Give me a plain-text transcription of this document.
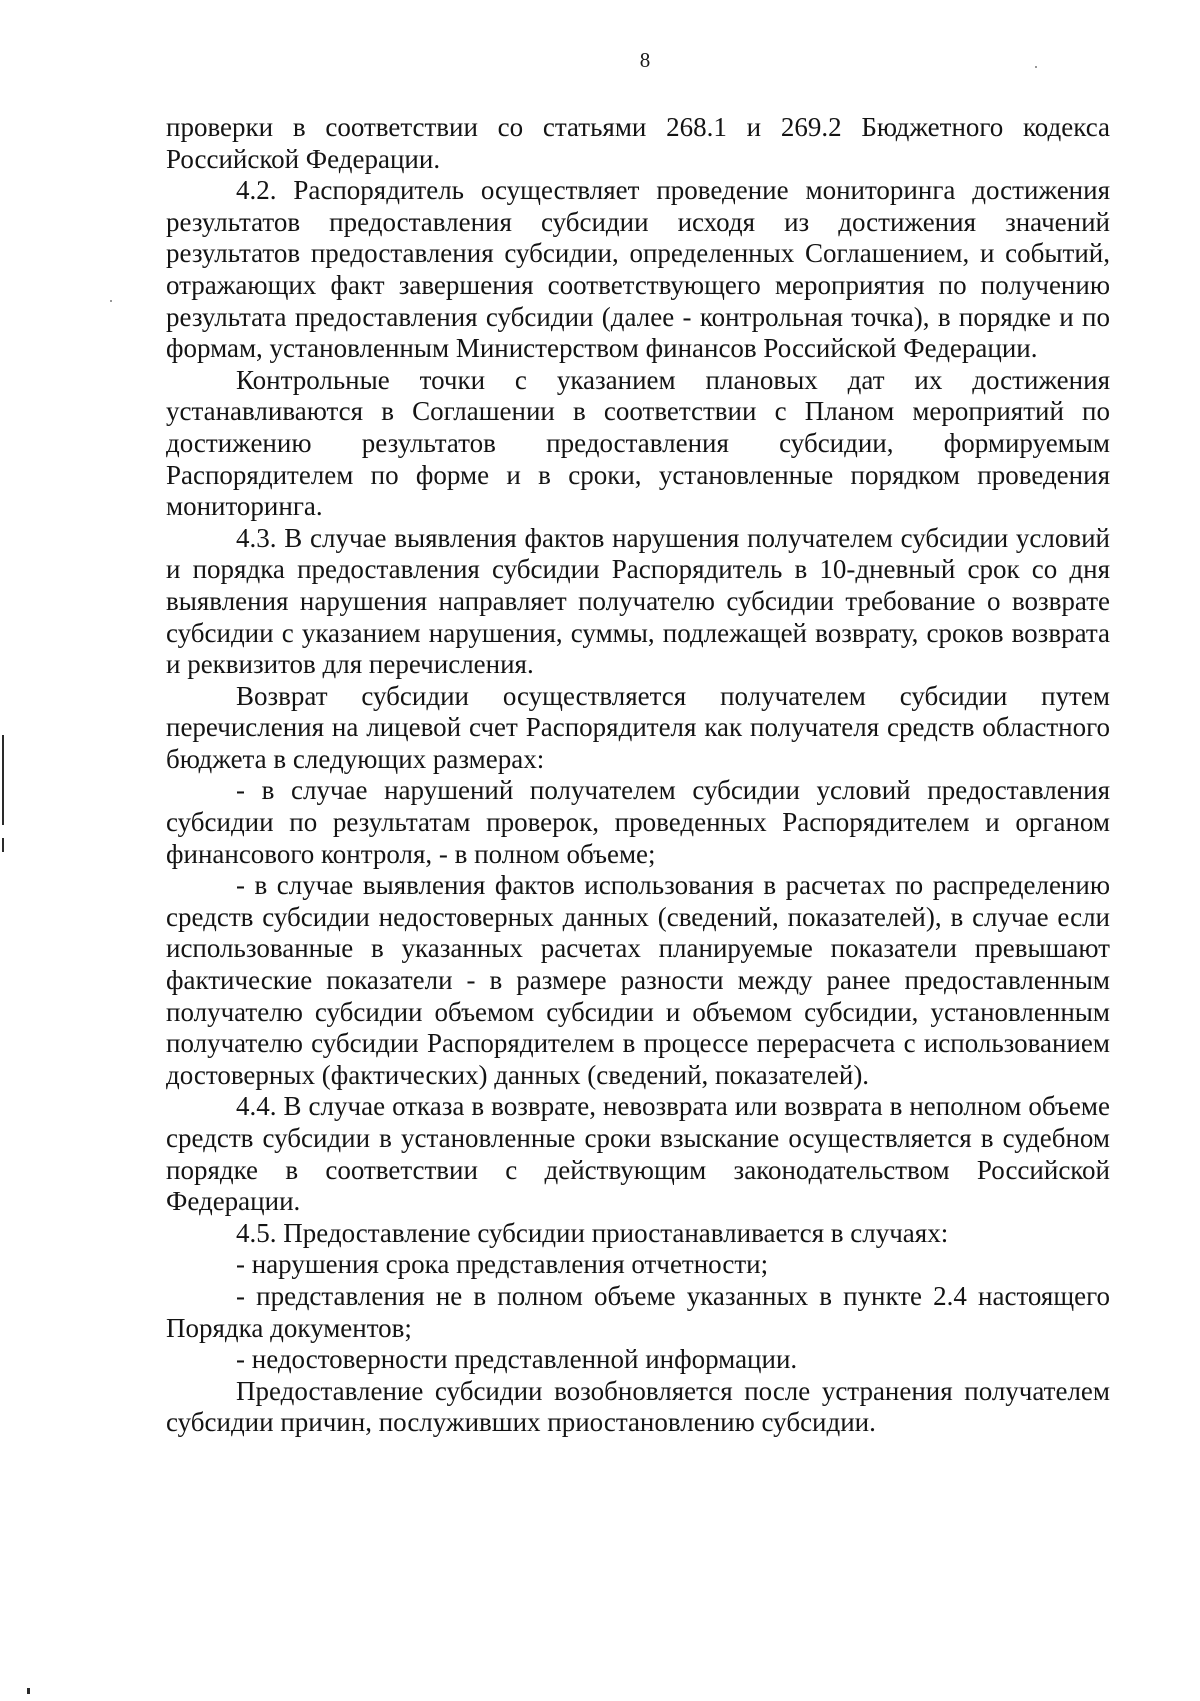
8

проверки в соответствии со статьями 268.1 и 269.2 Бюджетного кодекса Российской Федерации.

4.2. Распорядитель осуществляет проведение мониторинга достижения результатов предоставления субсидии исходя из достижения значений результатов предоставления субсидии, определенных Соглашением, и событий, отражающих факт завершения соответствующего мероприятия по получению результата предоставления субсидии (далее - контрольная точка), в порядке и по формам, установленным Министерством финансов Российской Федерации.

Контрольные точки с указанием плановых дат их достижения устанавливаются в Соглашении в соответствии с Планом мероприятий по достижению результатов предоставления субсидии, формируемым Распорядителем по форме и в сроки, установленные порядком проведения мониторинга.

4.3. В случае выявления фактов нарушения получателем субсидии условий и порядка предоставления субсидии Распорядитель в 10-дневный срок со дня выявления нарушения направляет получателю субсидии требование о возврате субсидии с указанием нарушения, суммы, подлежащей возврату, сроков возврата и реквизитов для перечисления.

Возврат субсидии осуществляется получателем субсидии путем перечисления на лицевой счет Распорядителя как получателя средств областного бюджета в следующих размерах:

- в случае нарушений получателем субсидии условий предоставления субсидии по результатам проверок, проведенных Распорядителем и органом финансового контроля, - в полном объеме;

- в случае выявления фактов использования в расчетах по распределению средств субсидии недостоверных данных (сведений, показателей), в случае если использованные в указанных расчетах планируемые показатели превышают фактические показатели - в размере разности между ранее предоставленным получателю субсидии объемом субсидии и объемом субсидии, установленным получателю субсидии Распорядителем в процессе перерасчета с использованием достоверных (фактических) данных (сведений, показателей).

4.4. В случае отказа в возврате, невозврата или возврата в неполном объеме средств субсидии в установленные сроки взыскание осуществляется в судебном порядке в соответствии с действующим законодательством Российской Федерации.

4.5. Предоставление субсидии приостанавливается в случаях:

- нарушения срока представления отчетности;

- представления не в полном объеме указанных в пункте 2.4 настоящего Порядка документов;

- недостоверности представленной информации.

Предоставление субсидии возобновляется после устранения получателем субсидии причин, послуживших приостановлению субсидии.
